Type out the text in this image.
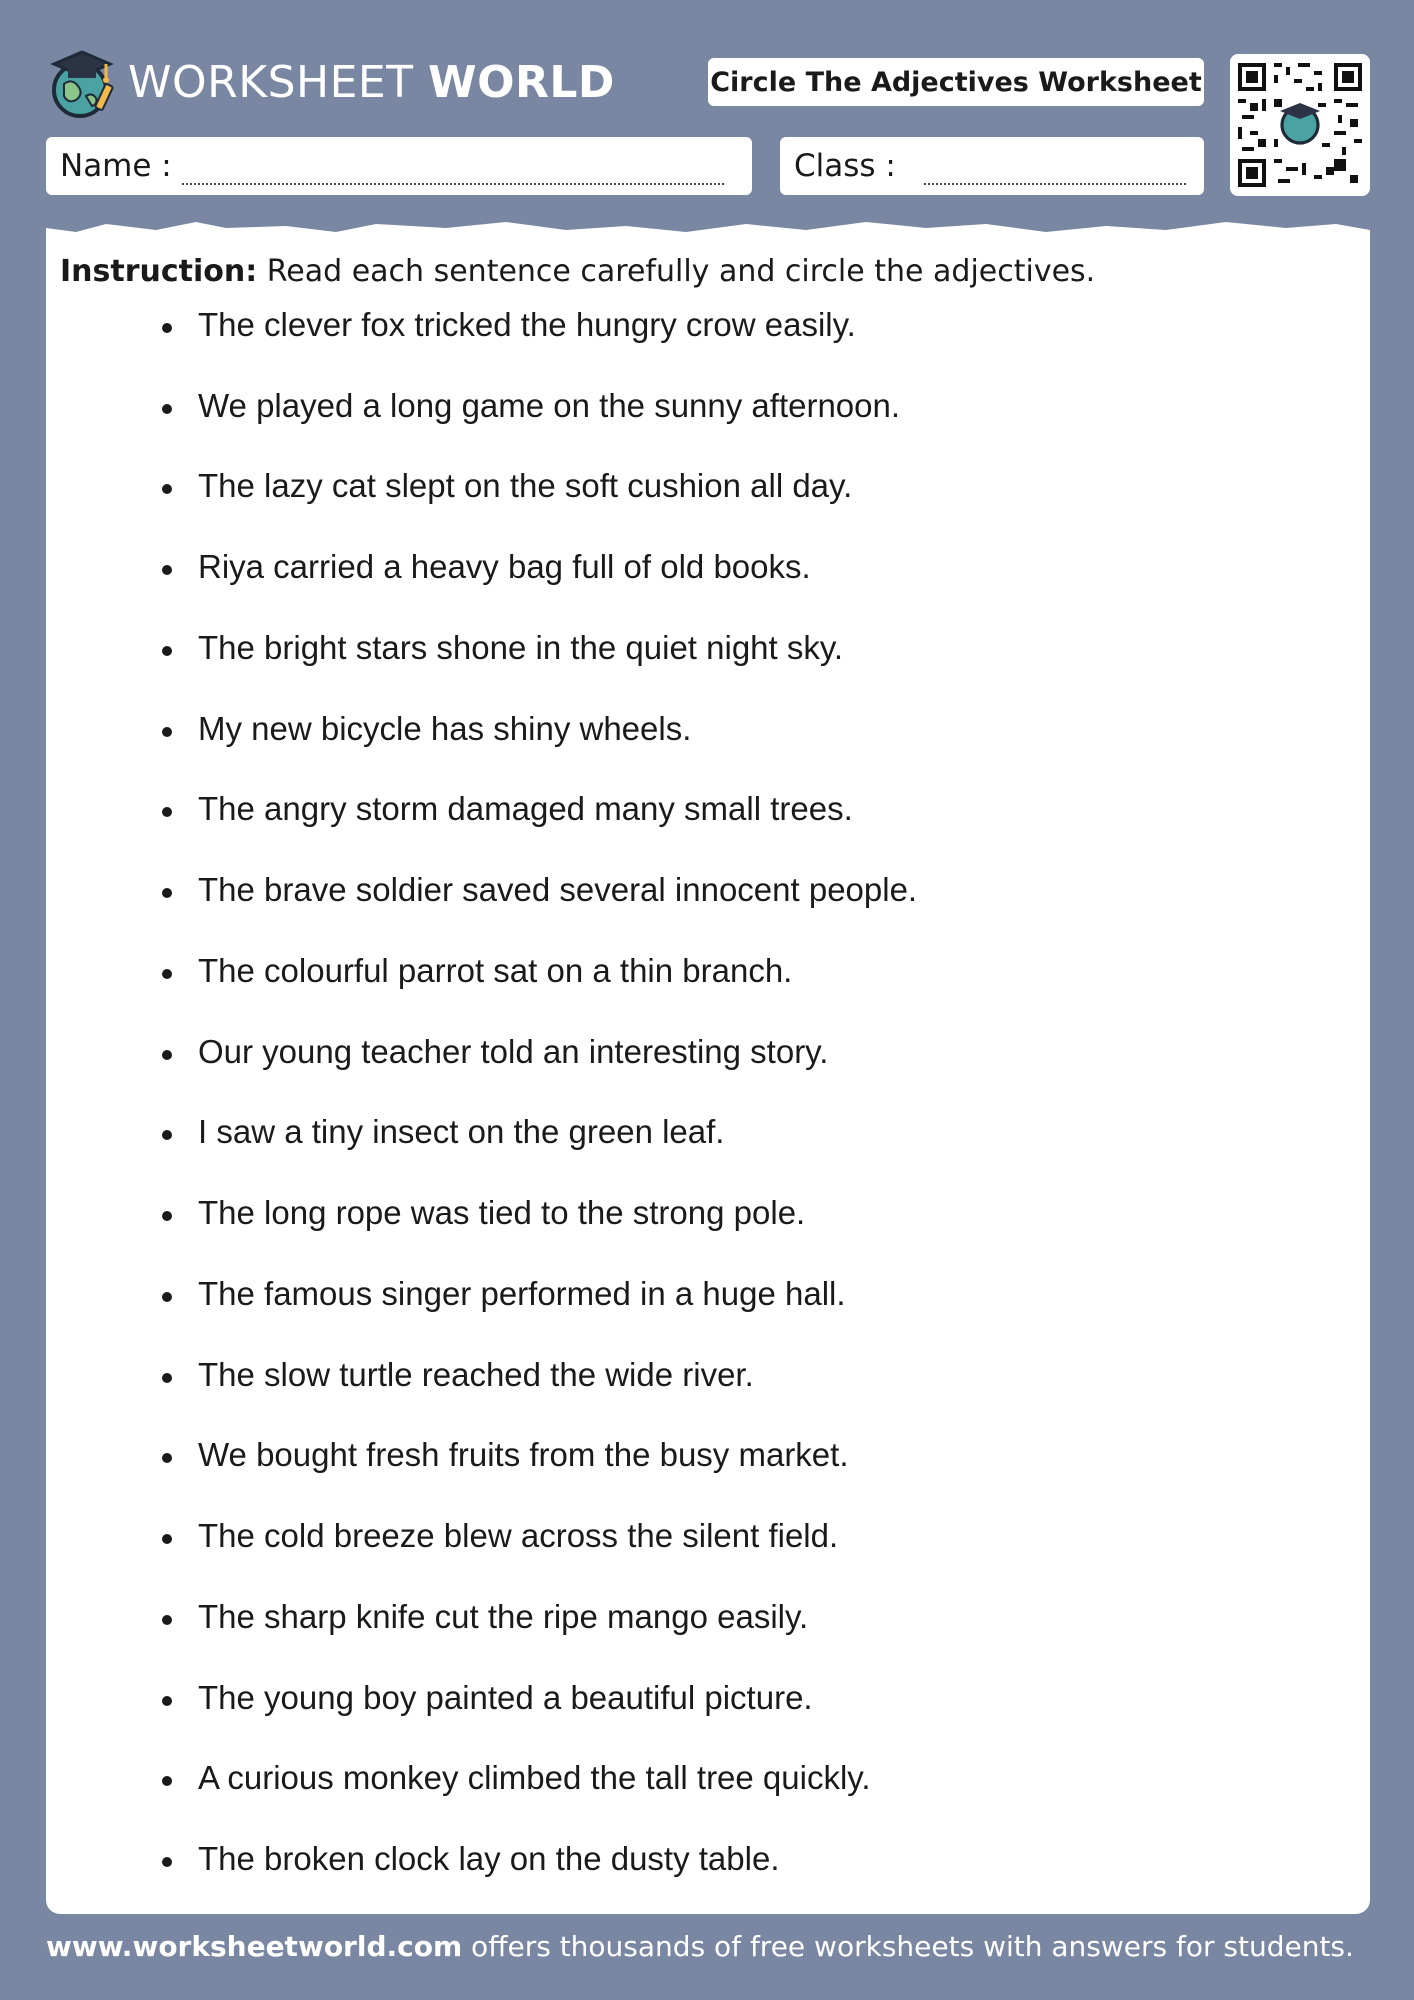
WORKSHEET WORLD	Circle The Adjectives Worksheet
Name :	Class :
Instruction: Read each sentence carefully and circle the adjectives.
The clever fox tricked the hungry crow easily.
We played a long game on the sunny afternoon.
The lazy cat slept on the soft cushion all day.
Riya carried a heavy bag full of old books.
The bright stars shone in the quiet night sky.
My new bicycle has shiny wheels.
The angry storm damaged many small trees.
The brave soldier saved several innocent people.
The colourful parrot sat on a thin branch.
Our young teacher told an interesting story.
I saw a tiny insect on the green leaf.
The long rope was tied to the strong pole.
The famous singer performed in a huge hall.
The slow turtle reached the wide river.
We bought fresh fruits from the busy market.
The cold breeze blew across the silent field.
The sharp knife cut the ripe mango easily.
The young boy painted a beautiful picture.
A curious monkey climbed the tall tree quickly.
The broken clock lay on the dusty table.
www.worksheetworld.com offers thousands of free worksheets with answers for students.
